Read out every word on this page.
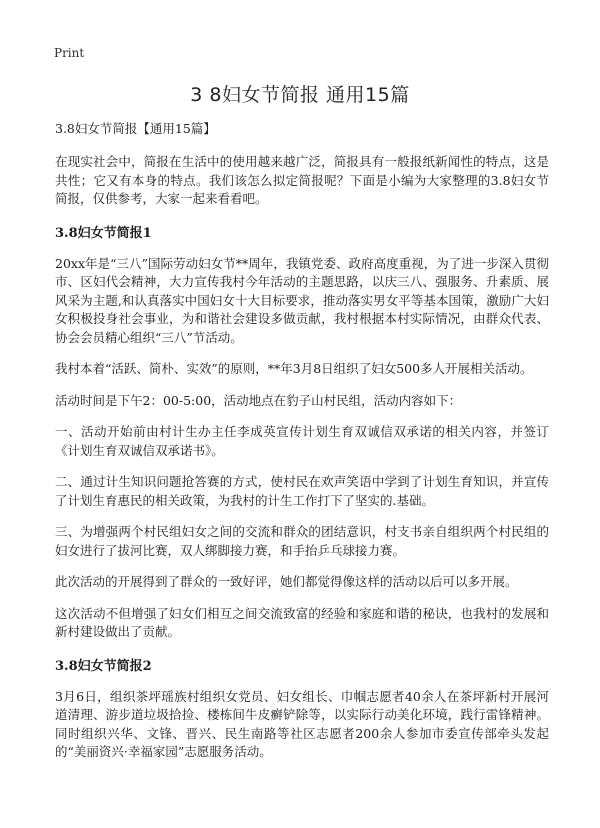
Print
3 8妇女节简报 通用15篇

3.8妇女节简报【通用15篇】

在现实社会中，简报在生活中的使用越来越广泛，简报具有一般报纸新闻性的特点，这是共性；它又有本身的特点。我们该怎么拟定简报呢？下面是小编为大家整理的3.8妇女节简报，仅供参考，大家一起来看看吧。

3.8妇女节简报1

20xx年是“三八”国际劳动妇女节**周年，我镇党委、政府高度重视，为了进一步深入贯彻市、区妇代会精神，大力宣传我村今年活动的主题思路，以庆三八、强服务、升素质、展风采为主题,和认真落实中国妇女十大目标要求，推动落实男女平等基本国策，激励广大妇女积极投身社会事业，为和谐社会建设多做贡献，我村根据本村实际情况，由群众代表、协会会员精心组织“三八”节活动。

我村本着“活跃、简朴、实效”的原则，**年3月8日组织了妇女500多人开展相关活动。

活动时间是下午2：00-5:00，活动地点在豹子山村民组，活动内容如下：

一、活动开始前由村计生办主任李成英宣传计划生育双诚信双承诺的相关内容，并签订《计划生育双诚信双承诺书》。

二、通过计生知识问题抢答赛的方式，使村民在欢声笑语中学到了计划生育知识，并宣传了计划生育惠民的相关政策，为我村的计生工作打下了坚实的.基础。

三、为增强两个村民组妇女之间的交流和群众的团结意识，村支书亲自组织两个村民组的妇女进行了拔河比赛，双人绑脚接力赛，和手抬乒乓球接力赛。

此次活动的开展得到了群众的一致好评，她们都觉得像这样的活动以后可以多开展。

这次活动不但增强了妇女们相互之间交流致富的经验和家庭和谐的秘诀，也我村的发展和新村建设做出了贡献。

3.8妇女节简报2

3月6日，组织茶坪瑶族村组织女党员、妇女组长、巾帼志愿者40余人在茶坪新村开展河道清理、游步道垃圾拾捡、楼栋间牛皮癣铲除等，以实际行动美化环境，践行雷锋精神。同时组织兴华、文锋、晋兴、民生南路等社区志愿者200余人参加市委宣传部牵头发起的“美丽资兴·幸福家园”志愿服务活动。
